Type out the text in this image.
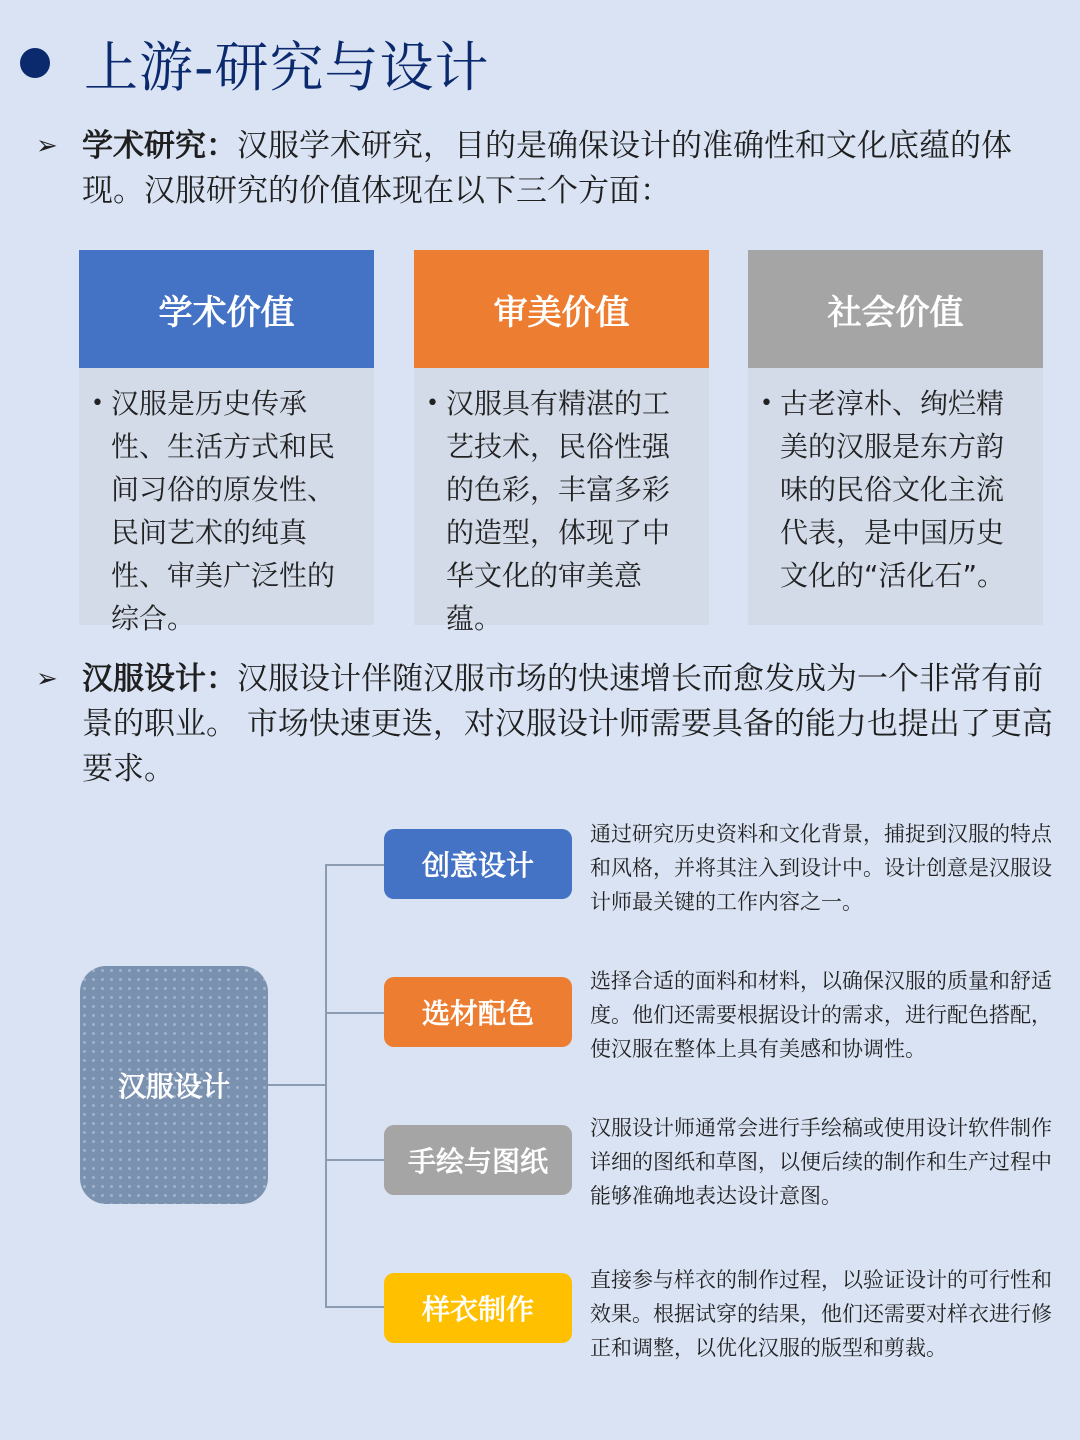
上游-研究与设计
➢ 学术研究：汉服学术研究，目的是确保设计的准确性和文化底蕴的体现。汉服研究的价值体现在以下三个方面：
学术价值
• 汉服是历史传承性、生活方式和民间习俗的原发性、民间艺术的纯真性、审美广泛性的综合。
审美价值
• 汉服具有精湛的工艺技术，民俗性强的色彩，丰富多彩的造型，体现了中华文化的审美意蕴。
社会价值
• 古老淳朴、绚烂精美的汉服是东方韵味的民俗文化主流代表，是中国历史文化的“活化石”。
➢ 汉服设计：汉服设计伴随汉服市场的快速增长而愈发成为一个非常有前景的职业。 市场快速更迭，对汉服设计师需要具备的能力也提出了更高要求。
汉服设计
创意设计
通过研究历史资料和文化背景，捕捉到汉服的特点和风格，并将其注入到设计中。设计创意是汉服设计师最关键的工作内容之一。
选材配色
选择合适的面料和材料，以确保汉服的质量和舒适度。他们还需要根据设计的需求，进行配色搭配，使汉服在整体上具有美感和协调性。
手绘与图纸
汉服设计师通常会进行手绘稿或使用设计软件制作详细的图纸和草图，以便后续的制作和生产过程中能够准确地表达设计意图。
样衣制作
直接参与样衣的制作过程，以验证设计的可行性和效果。根据试穿的结果，他们还需要对样衣进行修正和调整，以优化汉服的版型和剪裁。
